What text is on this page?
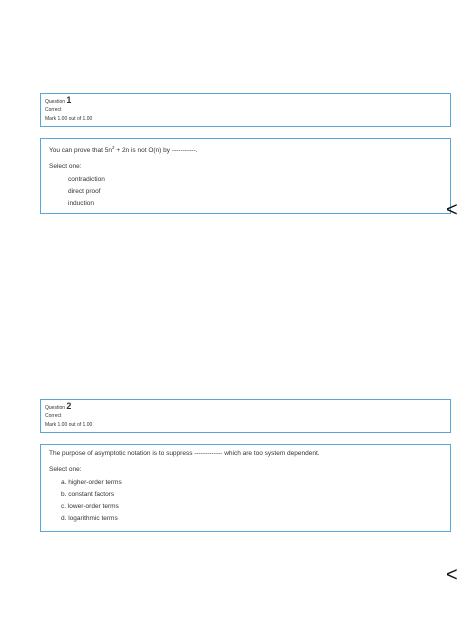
Question 1
Correct
Mark 1.00 out of 1.00
You can prove that $5n^2 + 2n$ is not O(n) by -----------.
Select one:
contradiction
direct proof
induction	<
Question 2
Correct
Mark 1.00 out of 1.00
The purpose of asymptotic notation is to suppress ------------- which are too system dependent.
Select one:
a. higher-order terms
b. constant factors
c. lower-order terms
d. logarithmic terms
<
